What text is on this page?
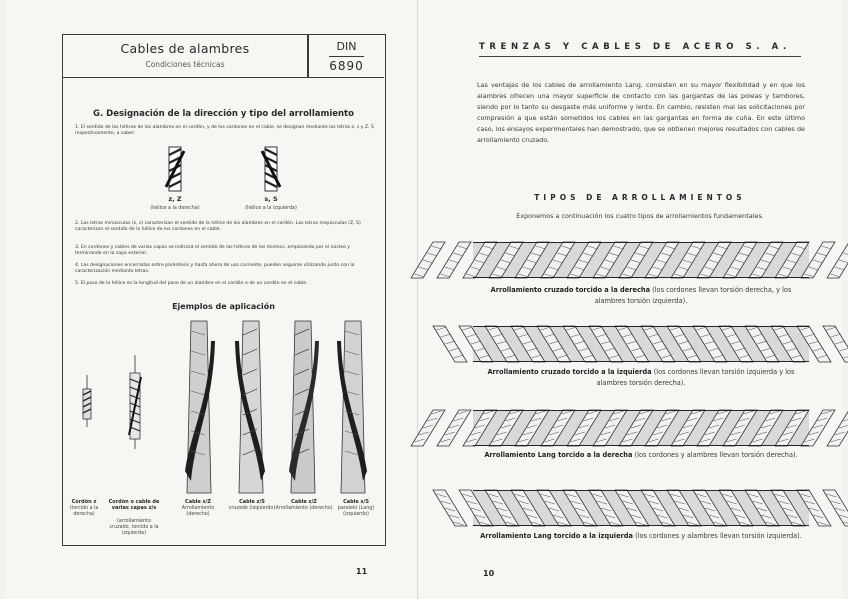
Cables de alambres
Condiciones técnicas
DIN
6890
G. Designación de la dirección y tipo del arrollamiento
1. El sentido de las hélices de los alambres en el cordón, y de los cordones en el cable, se designan mediante las letras z, s y Z, S respectivamente, a saber:
z, Z
(hélice a la derecha)
s, S
(hélice a la izquierda)
2. Las letras minúsculas (z, s) caracterizan el sentido de la hélice de los alambres en el cordón. Las letras mayúsculas (Z, S) caracterizan el sentido de la hélice de los cordones en el cable.
3. En cordones y cables de varias capas se indicará el sentido de las hélices de los mismos, empezando por el núcleo y terminando en la capa exterior.
4. Las designaciones encerradas entre paréntesis y hasta ahora de uso corriente, pueden seguirse utilizando junto con la caracterización mediante letras.
5. El paso de la hélice es la longitud del paso de un alambre en el cordón o de un cordón en el cable.
Ejemplos de aplicación
Cordón z
(torcido a la derecha)
Cordón o cable de varias capas z/s
(arrollamiento cruzado, torcido a la izquierda)
Cable s/Z
Arrollamiento (derecho)
Cable z/S
cruzado (izquierdo)
Cable z/Z
Arrollamiento (derecho)
Cable s/S
paralelo (Lang) (izquierdo)
11
TRENZAS Y CABLES DE ACERO S. A.
Las ventajas de los cables de arrollamiento Lang, consisten en su mayor flexibilidad y en que los alambres ofrecen una mayor superficie de contacto con las gargantas de las poleas y tambores, siendo por lo tanto su desgaste más uniforme y lento. En cambio, resisten mal las solicitaciones por compresión a que están sometidos los cables en las gargantas en forma de cuña. En este último caso, los ensayos experimentales han demostrado, que se obtienen mejores resultados con cables de arrollamiento cruzado.
TIPOS DE ARROLLAMIENTOS
Exponemos a continuación los cuatro tipos de arrollamientos fundamentales.
Arrollamiento cruzado torcido a la derecha (los cordones llevan torsión derecha, y los alambres torsión izquierda).
Arrollamiento cruzado torcido a la izquierda (los cordones llevan torsión izquierda y los alambres torsión derecha).
Arrollamiento Lang torcido a la derecha (los cordones y alambres llevan torsión derecha).
Arrollamiento Lang torcido a la izquierda (los cordones y alambres llevan torsión izquierda).
10
